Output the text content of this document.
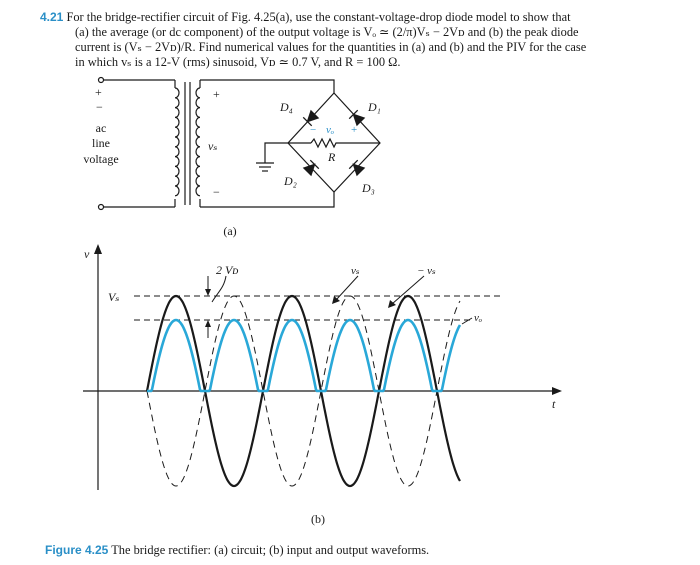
4.21 For the bridge-rectifier circuit of Fig. 4.25(a), use the constant-voltage-drop diode model to show that
(a) the average (or dc component) of the output voltage is Vₒ ≃ (2/π)Vₛ − 2Vᴅ and (b) the peak diode
current is (Vₛ − 2Vᴅ)/R. Find numerical values for the quantities in (a) and (b) and the PIV for the case
in which vₛ is a 12-V (rms) sinusoid, Vᴅ ≃ 0.7 V, and R = 100 Ω.
+
−
ac
line
voltage
+
−
vₛ
D₄	D₁
D₂	D₃
vₒ
−	+
R
(a)
v
t
Vₛ
2 Vᴅ	vₛ	− vₛ
vₒ
(b)
Figure 4.25 The bridge rectifier: (a) circuit; (b) input and output waveforms.
